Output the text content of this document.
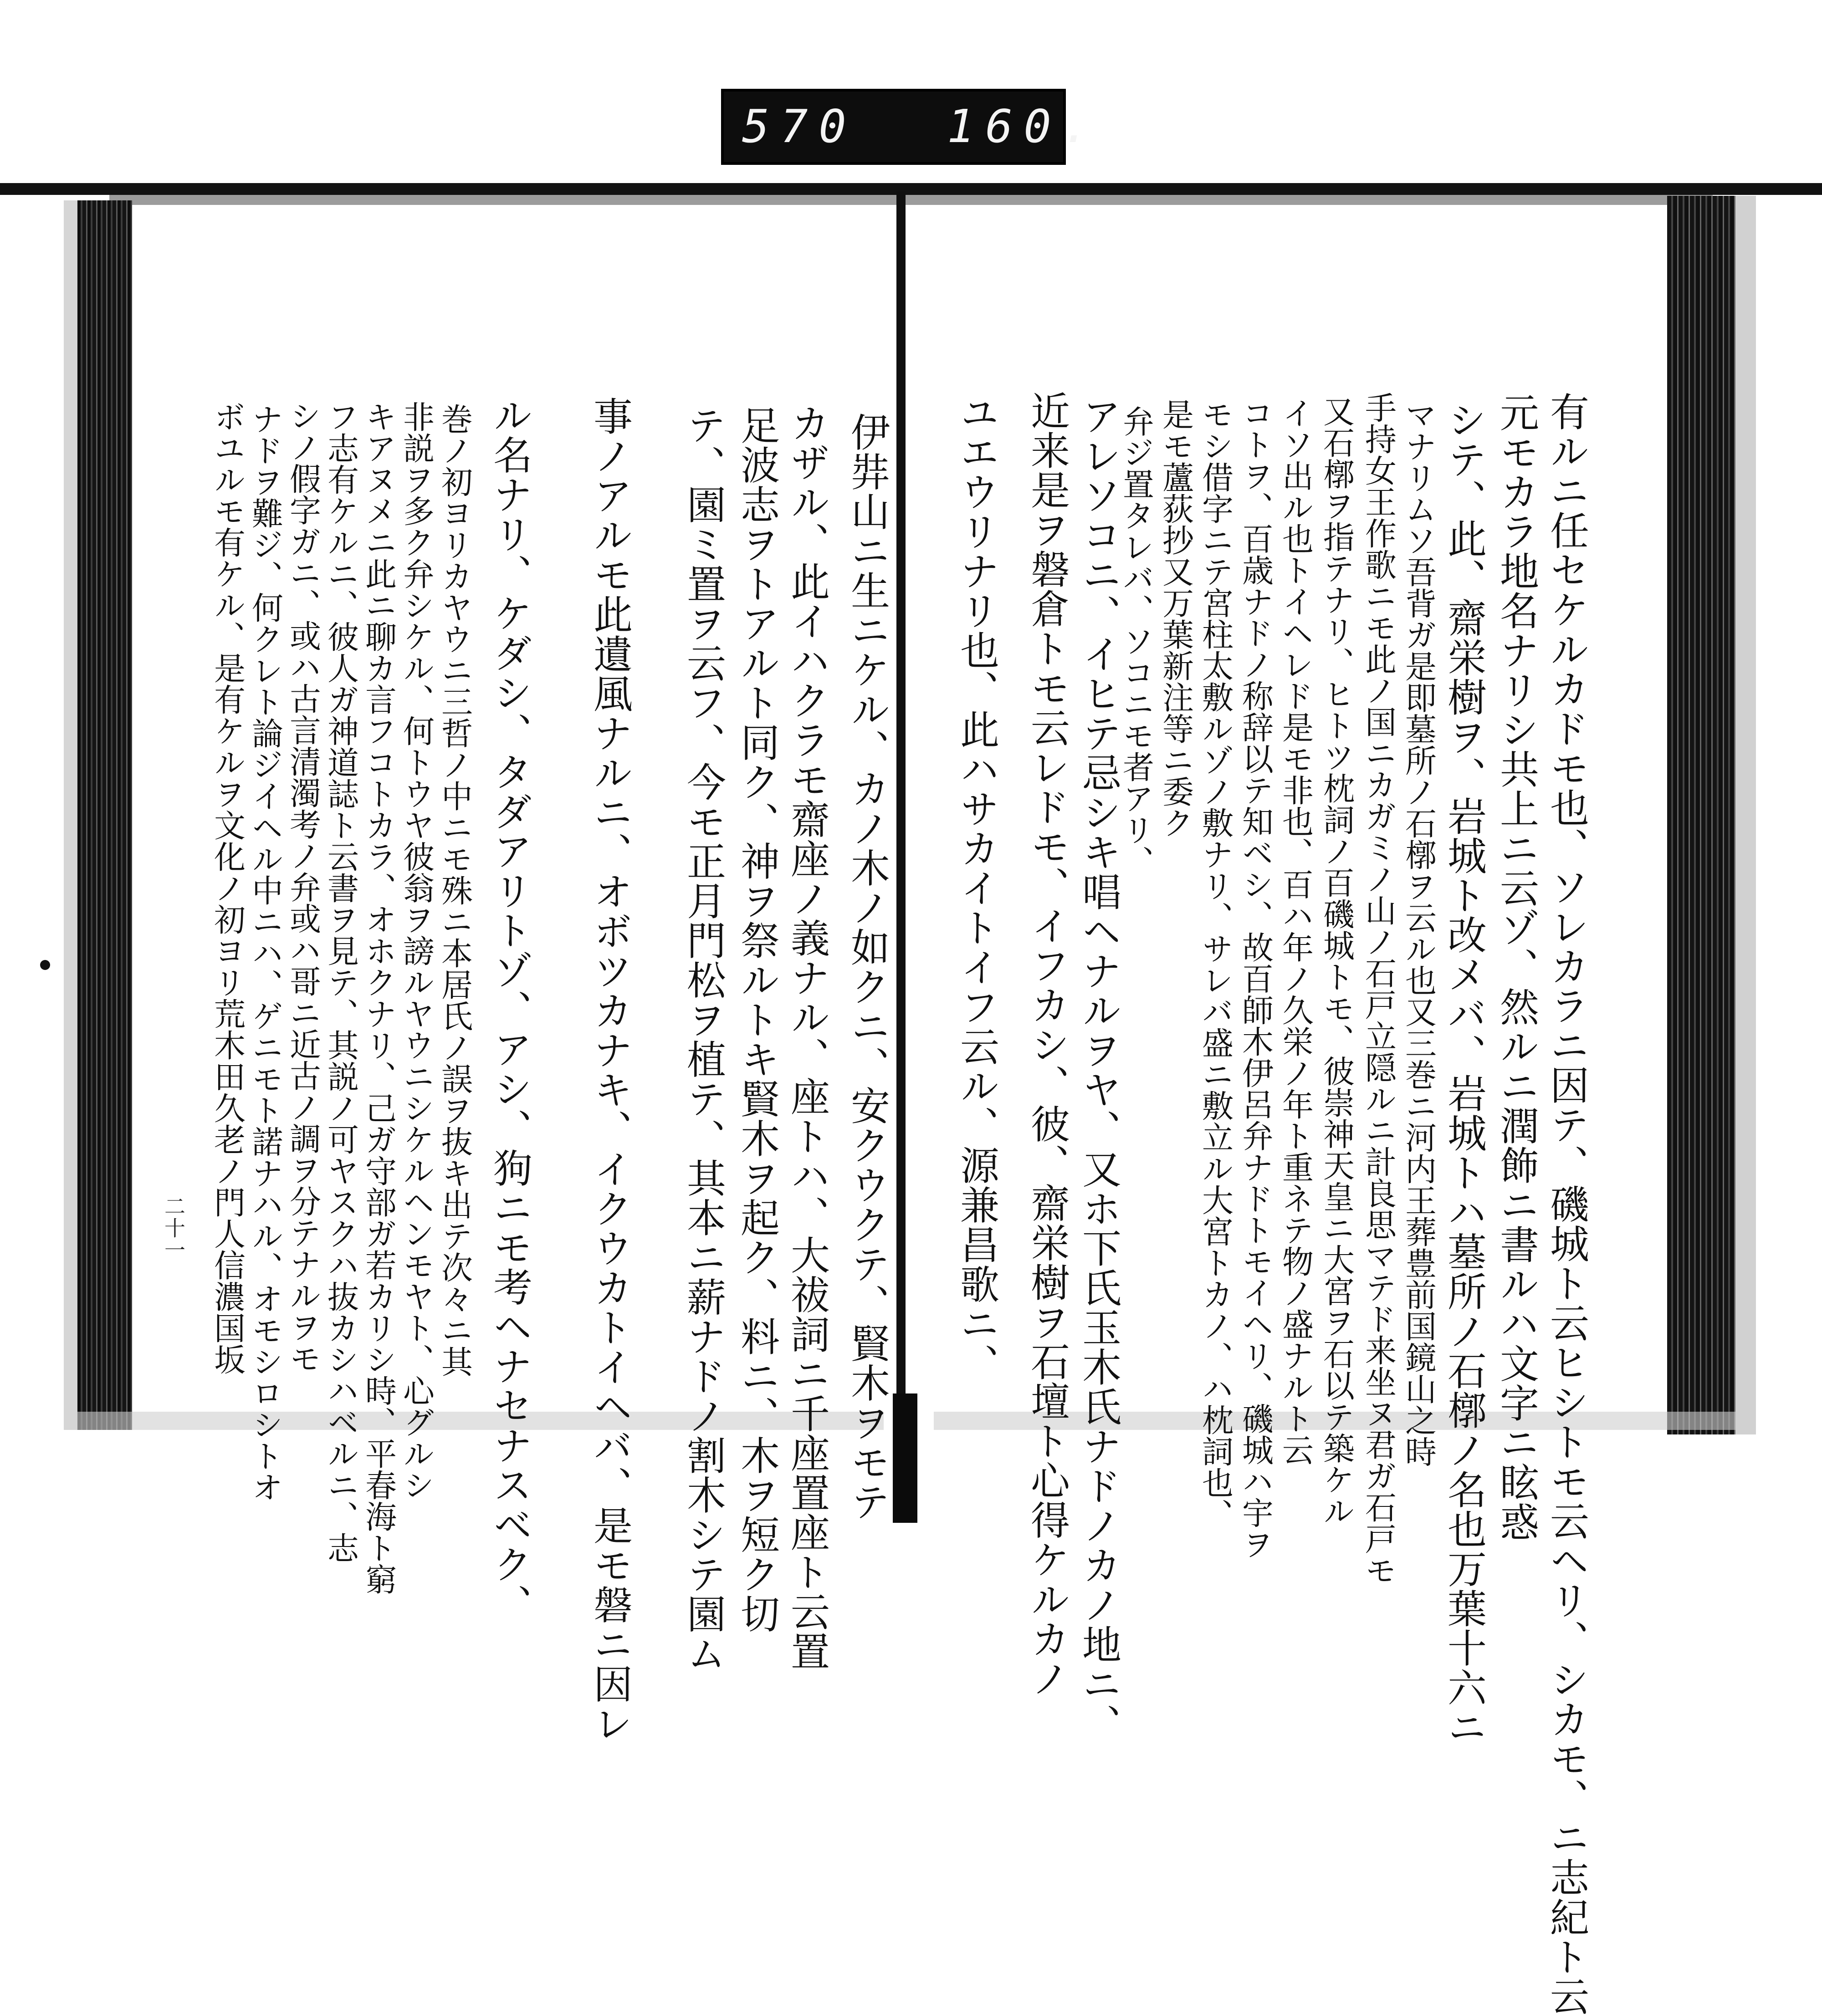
570 160.
有ルニ任セケルカドモ也、ソレカラニ因テ、磯城ト云ヒシトモ云ヘリ、シカモ、ニ志紀ト云
元モカラ地名ナリシ共上ニ云ゾ、然ルニ潤飾ニ書ルハ文字ニ眩惑
シテ、此、齋栄樹ヲ、岩城ト改メバ、岩城トハ墓所ノ石槨ノ名也万葉十六ニ
マナリムソ吾背ガ是即墓所ノ石槨ヲ云ル也又三巻ニ河内王葬豊前国鏡山之時
手持女王作歌ニモ此ノ国ニカガミノ山ノ石戸立隠ルニ計良思マテド来坐ヌ君ガ石戸モ
又石槨ヲ指テナリ、ヒトツ枕詞ノ百磯城トモ、彼崇神天皇ニ大宮ヲ石以テ築ケル
イソ出ル也トイヘレド是モ非也、百ハ年ノ久栄ノ年ト重ネテ物ノ盛ナルト云
コトヲ、百歳ナドノ称辞以テ知ベシ、故百師木伊呂弁ナドトモイヘリ、磯城ハ宇ヲ
モシ借字ニテ宮柱太敷ルゾノ敷ナリ、サレバ盛ニ敷立ル大宮トカノ、ハ枕詞也、
是モ蘆荻抄又万葉新注等ニ委ク
弁ジ置タレバ、ソコニモ者アリ、
アレソコニ、イヒテ忌シキ唱ヘナルヲヤ、又ホ下氏玉木氏ナドノカノ地ニ、
近来是ヲ磐倉トモ云レドモ、イフカシ、彼、齋栄樹ヲ石壇ト心得ケルカノ
ユエウリナリ也、此ハサカイトイフ云ル、源兼昌歌ニ、
伊弉山ニ生ニケル、カノ木ノ如クニ、安クウクテ、賢木ヲモテ
カザル、此イハクラモ齋座ノ義ナル、座トハ、大祓詞ニ千座置座ト云置
足波志ヲトアルト同ク、神ヲ祭ルトキ賢木ヲ起ク、料ニ、木ヲ短ク切
テ、園ミ置ヲ云フ、今モ正月門松ヲ植テ、其本ニ薪ナドノ割木シテ園ム
事ノアルモ此遺風ナルニ、オボツカナキ、イクウカトイヘバ、是モ磐ニ因レ
ル名ナリ、ケダシ、タダアリトゾ、アシ、狗ニモ考ヘナセナスベク、
巻ノ初ヨリカヤウニ三哲ノ中ニモ殊ニ本居氏ノ誤ヲ抜キ出テ次々ニ其
非説ヲ多ク弁シケル、何トウヤ彼翁ヲ謗ルヤウニシケルヘンモヤト、心グルシ
キアヌメニ此ニ聊カ言フコトカラ、オホクナリ、己ガ守部ガ若カリシ時、平春海ト窮
フ志有ケルニ、彼人ガ神道誌ト云書ヲ見テ、其説ノ可ヤスクハ抜カシハベルニ、志
シノ假字ガニ、或ハ古言清濁考ノ弁或ハ哥ニ近古ノ調ヲ分テナルヲモ
ナドヲ難ジ、何クレト論ジイヘル中ニハ、ゲニモト諾ナハル、オモシロシトオ
ボユルモ有ケル、是有ケルヲ文化ノ初ヨリ荒木田久老ノ門人信濃国坂
二十一
